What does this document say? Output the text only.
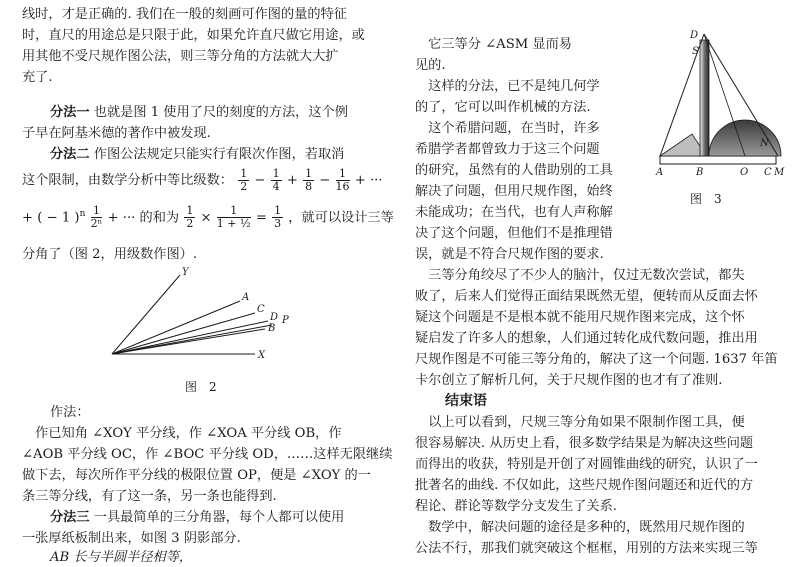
线时，才是正确的. 我们在一般的刻画可作图的量的特征

时，直尺的用途总是只限于此，如果允许直尺做它用途，或

用其他不受尺规作图公法，则三等分角的方法就大大扩

充了.

分法一 也就是图 1 使用了尺的刻度的方法，这个例

子早在阿基米德的著作中被发现.

分法二 作图公法规定只能实行有限次作图，若取消

这个限制，由数学分析中等比级数： $\frac{1}{2} - \frac{1}{4} + \frac{1}{8} - \frac{1}{16}$ + ···

+ ( − 1 )$^n \frac{1}{\text{2ⁿ}}$ + ··· 的和为 $\frac{1}{2} \times \frac{1}{\text{1 + ½}} = \frac{1}{3}$ ，就可以设计三等

分角了（图 2，用级数作图）.

Y
A
C
D
B
P
X
图　2

作法：

　作已知角 ∠XOY 平分线，作 ∠XOA 平分线 OB，作

∠AOB 平分线 OC，作 ∠BOC 平分线 OD，……这样无限继续

做下去，每次所作平分线的极限位置 OP，便是 ∠XOY 的一

条三等分线，有了这一条，另一条也能得到.

分法三 一具最简单的三分角器，每个人都可以使用

一张厚纸板制出来，如图 3 阴影部分.

AB 长与半圆半径相等，

　它三等分 ∠ASM 显而易

见的.

　这样的分法，已不是纯几何学

的了，它可以叫作机械的方法.

　这个希腊问题，在当时，许多

希腊学者都曾致力于这三个问题

的研究，虽然有的人借助别的工具

解决了问题，但用尺规作图，始终

未能成功；在当代，也有人声称解

决了这个问题，但他们不是推理错

误，就是不符合尺规作图的要求.

D
S
A	B	O C M
N
图　3

　三等分角绞尽了不少人的脑汁，仅过无数次尝试，都失

败了，后来人们觉得正面结果既然无望，便转而从反面去怀

疑这个问题是不是根本就不能用尺规作图来完成，这个怀

疑启发了许多人的想象，人们通过转化成代数问题，推出用

尺规作图是不可能三等分角的，解决了这一个问题. 1637 年笛

卡尔创立了解析几何，关于尺规作图的也才有了准则.

结束语

　以上可以看到，尺规三等分角如果不限制作图工具，便

很容易解决. 从历史上看，很多数学结果是为解决这些问题

而得出的收获，特别是开创了对圆锥曲线的研究，认识了一

批著名的曲线. 不仅如此，这些尺规作图问题还和近代的方

程论、群论等数学分支发生了关系.

　数学中，解决问题的途径是多种的，既然用尺规作图的

公法不行，那我们就突破这个框框，用别的方法来实现三等
